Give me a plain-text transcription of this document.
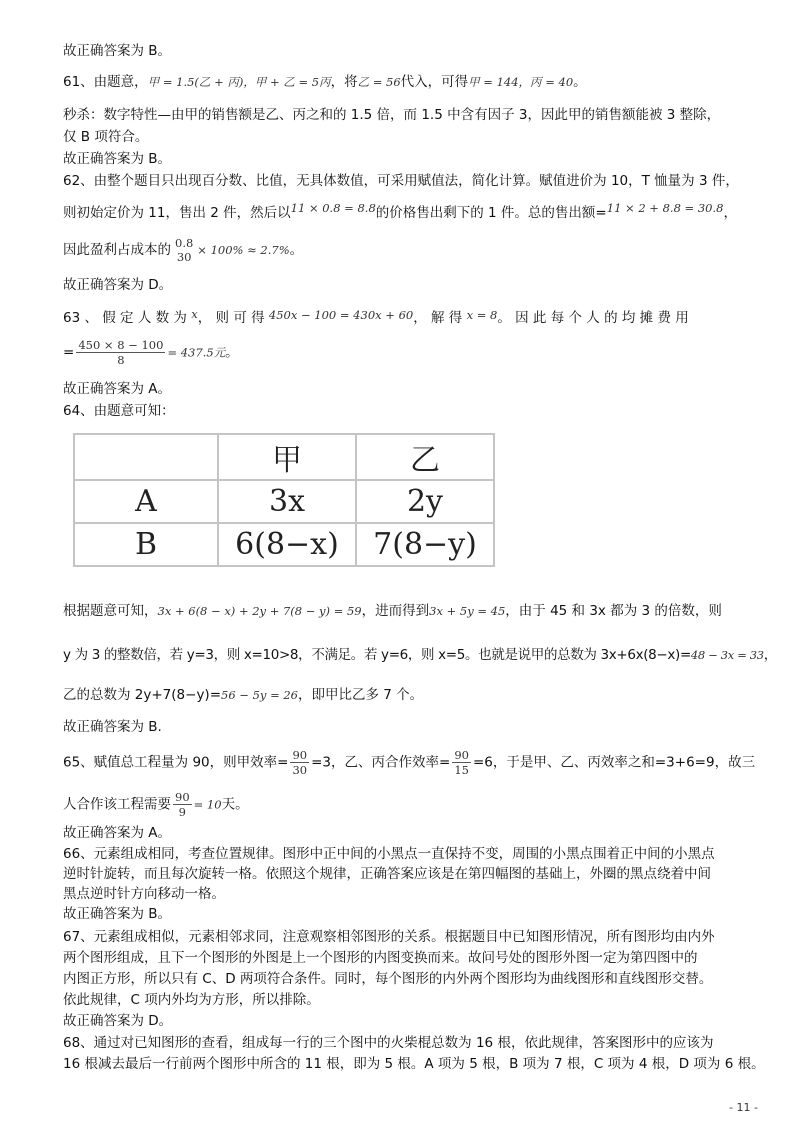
故正确答案为 B。
61、由题意，甲 = 1.5(乙 + 丙)，甲 + 乙 = 5丙，将乙 = 56代入，可得甲 = 144，丙 = 40。
秒杀：数字特性—由甲的销售额是乙、丙之和的 1.5 倍，而 1.5 中含有因子 3，因此甲的销售额能被 3 整除，
仅 B 项符合。
故正确答案为 B。
62、由整个题目只出现百分数、比值，无具体数值，可采用赋值法，简化计算。赋值进价为 10，T 恤量为 3 件，
则初始定价为 11，售出 2 件，然后以11 × 0.8 = 8.8的价格售出剩下的 1 件。总的售出额=11 × 2 + 8.8 = 30.8，
因此盈利占成本的 0.8
30 × 100% ≈ 2.7%。
故正确答案为 D。
63 、 假 定 人 数 为 x， 则 可 得 450x − 100 = 430x + 60， 解 得 x = 8。 因 此 每 个 人 的 均 摊 费 用
= $\frac{450 \times 8 - 100}{8} = 437.5$元。
故正确答案为 A。
64、由题意可知：
	甲	乙
A	3x	2y
B	6(8−x)	7(8−y)
根据题意可知，3x + 6(8 − x) + 2y + 7(8 − y) = 59，进而得到3x + 5y = 45，由于 45 和 3x 都为 3 的倍数，则
y 为 3 的整数倍，若 y=3，则 x=10>8，不满足。若 y=6，则 x=5。也就是说甲的总数为 3x+6x(8−x)=48 − 3x = 33，
乙的总数为 2y+7(8−y)=56 − 5y = 26，即甲比乙多 7 个。
故正确答案为 B.
65、赋值总工程量为 90，则甲效率= $\frac{90}{30} =3$，乙、丙合作效率= $\frac{90}{15} =6$，于是甲、乙、丙效率之和=3+6=9，故三
人合作该工程需要 $\frac{90}{9} = 10$天。
故正确答案为 A。
66、元素组成相同，考查位置规律。图形中正中间的小黑点一直保持不变，周围的小黑点围着正中间的小黑点
逆时针旋转，而且每次旋转一格。依照这个规律，正确答案应该是在第四幅图的基础上，外圈的黑点绕着中间
黑点逆时针方向移动一格。
故正确答案为 B。
67、元素组成相似，元素相邻求同，注意观察相邻图形的关系。根据题目中已知图形情况，所有图形均由内外
两个图形组成，且下一个图形的外图是上一个图形的内图变换而来。故问号处的图形外图一定为第四图中的
内图正方形，所以只有 C、D 两项符合条件。同时，每个图形的内外两个图形均为曲线图形和直线图形交替。
依此规律，C 项内外均为方形，所以排除。
故正确答案为 D。
68、通过对已知图形的查看，组成每一行的三个图中的火柴棍总数为 16 根，依此规律，答案图形中的应该为
16 根减去最后一行前两个图形中所含的 11 根，即为 5 根。A 项为 5 根，B 项为 7 根，C 项为 4 根，D 项为 6 根。
- 11 -
